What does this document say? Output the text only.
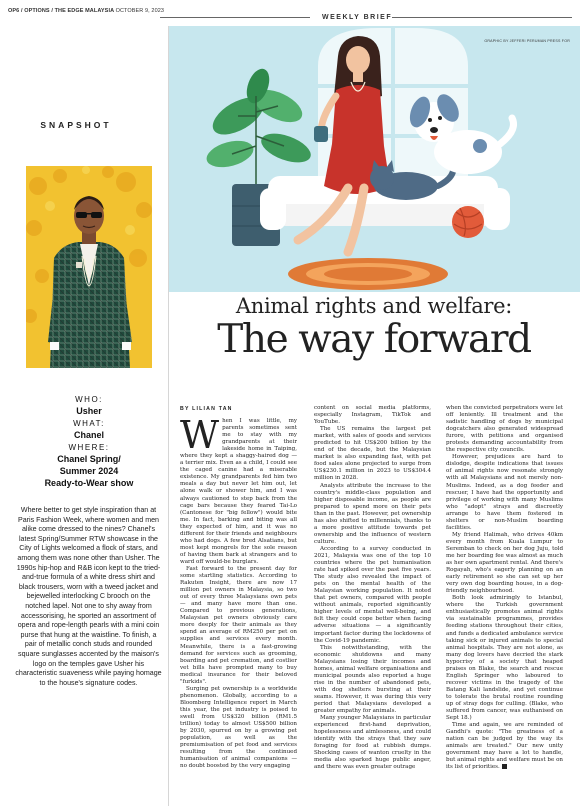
OP6 / OPTIONS / THE EDGE MALAYSIA OCTOBER 9, 2023
WEEKLY BRIEF
SNAPSHOT
WHO:
Usher
WHAT:
Chanel
WHERE:
Chanel Spring/
Summer 2024
Ready-to-Wear show
Where better to get style inspiration than at Paris Fashion Week, where women and men alike come dressed to the nines? Chanel's latest Spring/Summer RTW showcase in the City of Lights welcomed a flock of stars, and among them was none other than Usher. The 1990s hip-hop and R&B icon kept to the tried-and-true formula of a white dress shirt and black trousers, worn with a tweed jacket and bejewelled interlocking C brooch on the notched lapel. Not one to shy away from accessorising, he sported an assortment of opera and rope-length pearls with a mini coin purse that hung at the waistline. To finish, a pair of metallic conch studs and rounded square sunglasses accented by the maison's logo on the temples gave Usher his characteristic suaveness while paying homage to the house's signature codes.
GRAPHIC BY JEFFERI PERUMAN PRESS FOR
Animal rights and welfare:
The way forward
BY LILIAN TAN

When I was little, my parents sometimes sent me to stay with my grandparents at their lakeside home in Taiping, where they kept a shaggy-haired dog — a terrier mix. Even as a child, I could see the caged canine had a miserable existence. My grandparents fed him two meals a day but never let him out, let alone walk or shower him, and I was always cautioned to step back from the cage bars because they feared Tai-Lo (Cantonese for "big fellow") would bite me. In fact, barking and biting was all they expected of him, and it was no different for their friends and neighbours who had dogs. A few bred Alsatians, but most kept mongrels for the sole reason of having them bark at strangers and to ward off would-be burglars.

Fast forward to the present day for some startling statistics. According to Rakuten Insight, there are now 17 million pet owners in Malaysia, so two out of every three Malaysians own pets — and many have more than one. Compared to previous generations, Malaysian pet owners obviously care more deeply for their animals as they spend an average of RM250 per pet on supplies and services every month. Meanwhile, there is a fast-growing demand for services such as grooming, boarding and pet cremation, and costlier vet bills have prompted many to buy medical insurance for their beloved "furkids".

Surging pet ownership is a worldwide phenomenon. Globally, according to a Bloomberg Intelligence report in March this year, the pet industry is poised to swell from US$320 billion (RM1.5 trillion) today to almost US$500 billion by 2030, spurred on by a growing pet population, as well as the premiumisation of pet food and services resulting from the continued humanisation of animal companions — no doubt boosted by the very engaging

content on social media platforms, especially Instagram, TikTok and YouTube.

The US remains the largest pet market, with sales of goods and services predicted to hit US$200 billion by the end of the decade, but the Malaysian market is also expanding fast, with pet food sales alone projected to surge from US$230.1 million in 2023 to US$304.4 million in 2028.

Analysts attribute the increase to the country's middle-class population and higher disposable income, as people are prepared to spend more on their pets than in the past. However, pet ownership has also shifted to millennials, thanks to a more positive attitude towards pet ownership and the influence of western culture.

According to a survey conducted in 2021, Malaysia was one of the top 10 countries where the pet humanisation rate had spiked over the past five years. The study also revealed the impact of pets on the mental health of the Malaysian working population. It noted that pet owners, compared with people without animals, reported significantly higher levels of mental well-being, and felt they could cope better when facing adverse situations — a significantly important factor during the lockdowns of the Covid-19 pandemic.

This notwithstanding, with the economic shutdowns and many Malaysians losing their incomes and homes, animal welfare organisations and municipal pounds also reported a huge rise in the number of abandoned pets, with dog shelters bursting at their seams. However, it was during this very period that Malaysians developed a greater empathy for animals.

Many younger Malaysians in particular experienced first-hand deprivation, hopelessness and aimlessness, and could identify with the strays that they saw foraging for food at rubbish dumps. Shocking cases of wanton cruelty in the media also sparked huge public anger, and there was even greater outrage

when the convicted perpetrators were let off leniently. Ill treatment and the sadistic handling of dogs by municipal dogcatchers also generated widespread furore, with petitions and organised protests demanding accountability from the respective city councils.

However, prejudices are hard to dislodge, despite indications that issues of animal rights now resonate strongly with all Malaysians and not merely non-Muslims. Indeed, as a dog feeder and rescuer, I have had the opportunity and privilege of working with many Muslims who "adopt" strays and discreetly arrange to have them fostered in shelters or non-Muslim boarding facilities.

My friend Halimah, who drives 40km every month from Kuala Lumpur to Seremban to check on her dog Juju, told me her boarding fee was almost as much as her own apartment rental. And there's Rogayah, who's eagerly planning on an early retirement so she can set up her very own dog boarding house, in a dog-friendly neighbourhood.

Both look admiringly to Istanbul, where the Turkish government enthusiastically promotes animal rights via sustainable programmes, provides feeding stations throughout their cities, and funds a dedicated ambulance service taking sick or injured animals to special animal hospitals. They are not alone, as many dog lovers have decried the stark hypocrisy of a society that heaped praises on Blake, the search and rescue English Springer who laboured to recover victims in the tragedy of the Batang Kali landslide, and yet continue to tolerate the brutal routine rounding up of stray dogs for culling. (Blake, who suffered from cancer, was euthanised on Sept 18.)

Time and again, we are reminded of Gandhi's quote: "The greatness of a nation can be judged by the way its animals are treated." Our new unity government may have a lot to handle, but animal rights and welfare must be on its list of priorities. E
